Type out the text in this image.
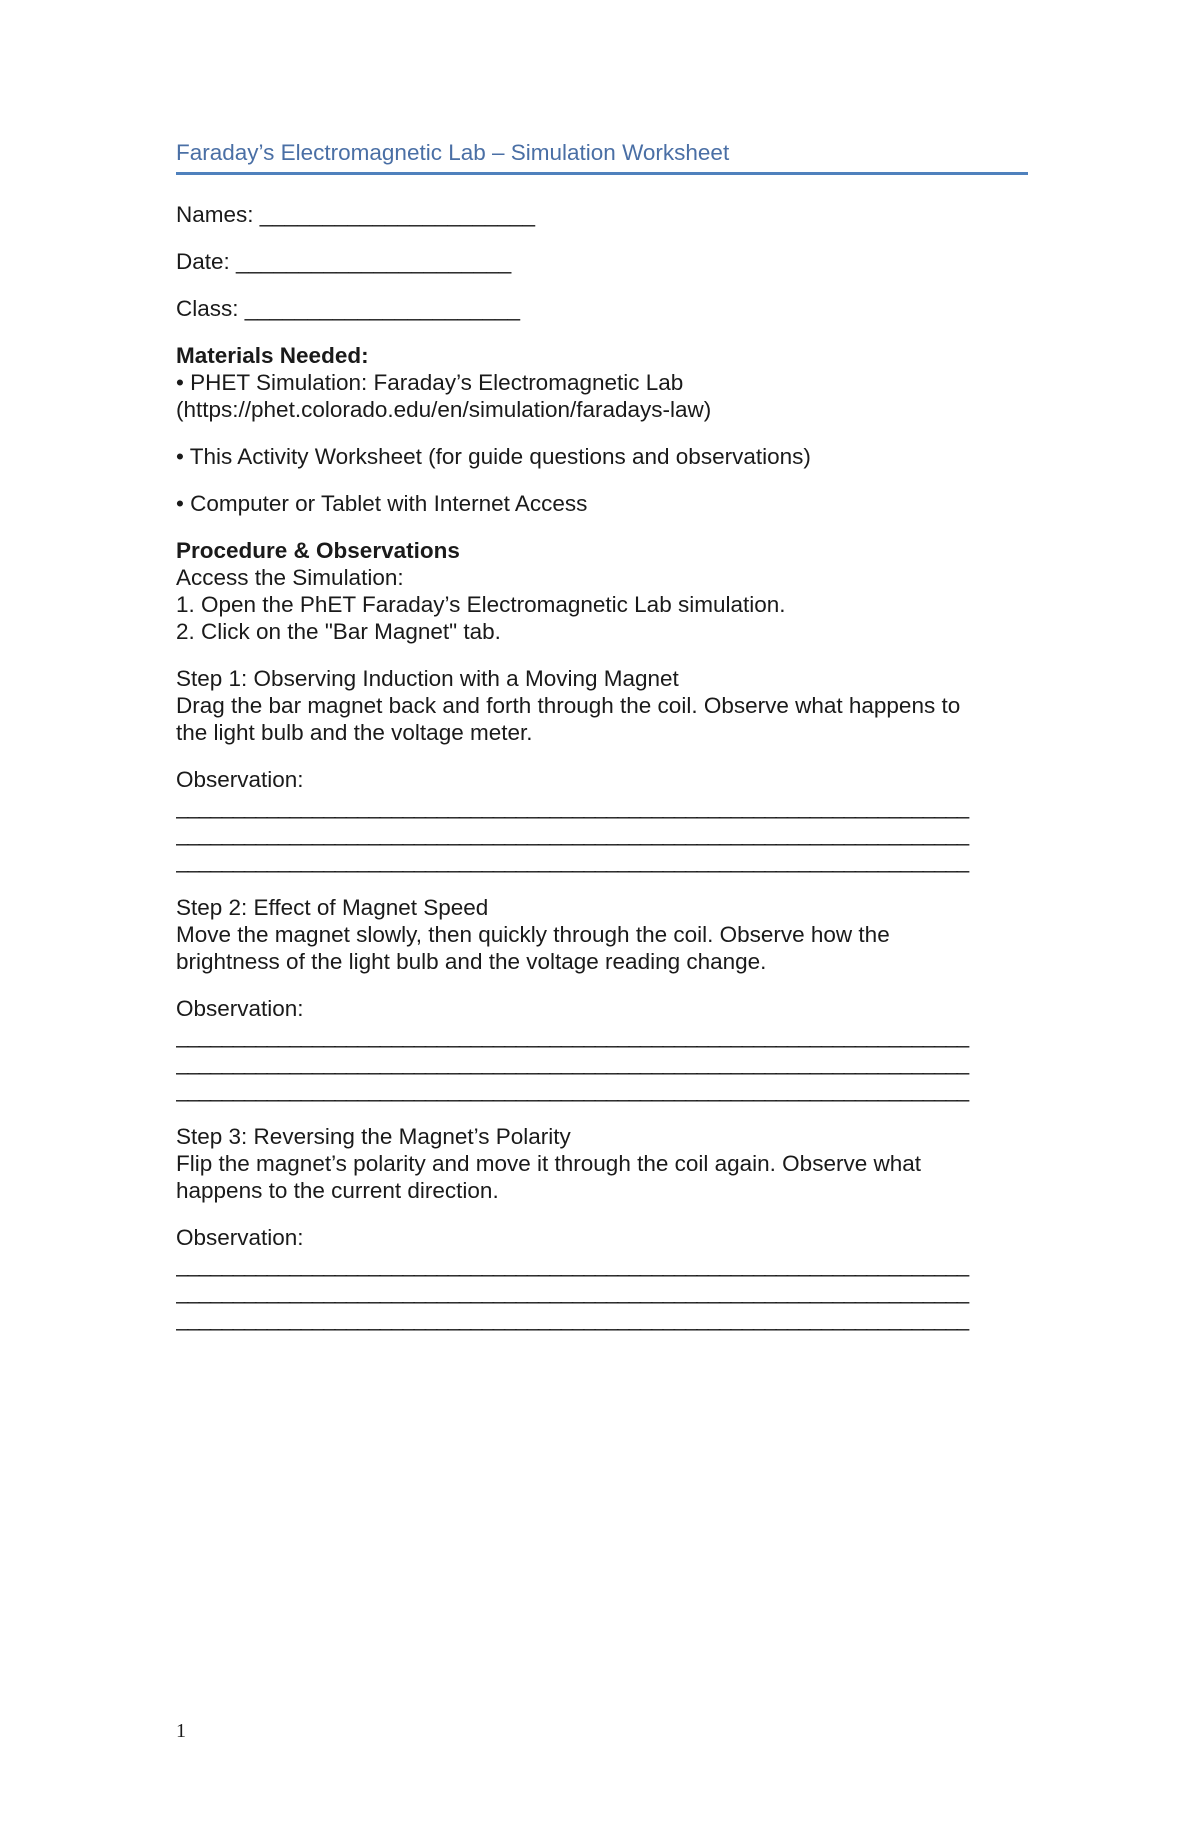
Faraday’s Electromagnetic Lab – Simulation Worksheet

Names: ______________________

Date: ______________________

Class: ______________________

Materials Needed:

• PHET Simulation: Faraday’s Electromagnetic Lab

(https://phet.colorado.edu/en/simulation/faradays-law)

• This Activity Worksheet (for guide questions and observations)

• Computer or Tablet with Internet Access

Procedure & Observations

Access the Simulation:

1. Open the PhET Faraday’s Electromagnetic Lab simulation.

2. Click on the "Bar Magnet" tab.

Step 1: Observing Induction with a Moving Magnet

Drag the bar magnet back and forth through the coil. Observe what happens to

the light bulb and the voltage meter.

Observation:

______________________________________________________________________

______________________________________________________________________

______________________________________________________________________

Step 2: Effect of Magnet Speed

Move the magnet slowly, then quickly through the coil. Observe how the

brightness of the light bulb and the voltage reading change.

Observation:

______________________________________________________________________

______________________________________________________________________

______________________________________________________________________

Step 3: Reversing the Magnet’s Polarity

Flip the magnet’s polarity and move it through the coil again. Observe what

happens to the current direction.

Observation:

______________________________________________________________________

______________________________________________________________________

______________________________________________________________________

1
